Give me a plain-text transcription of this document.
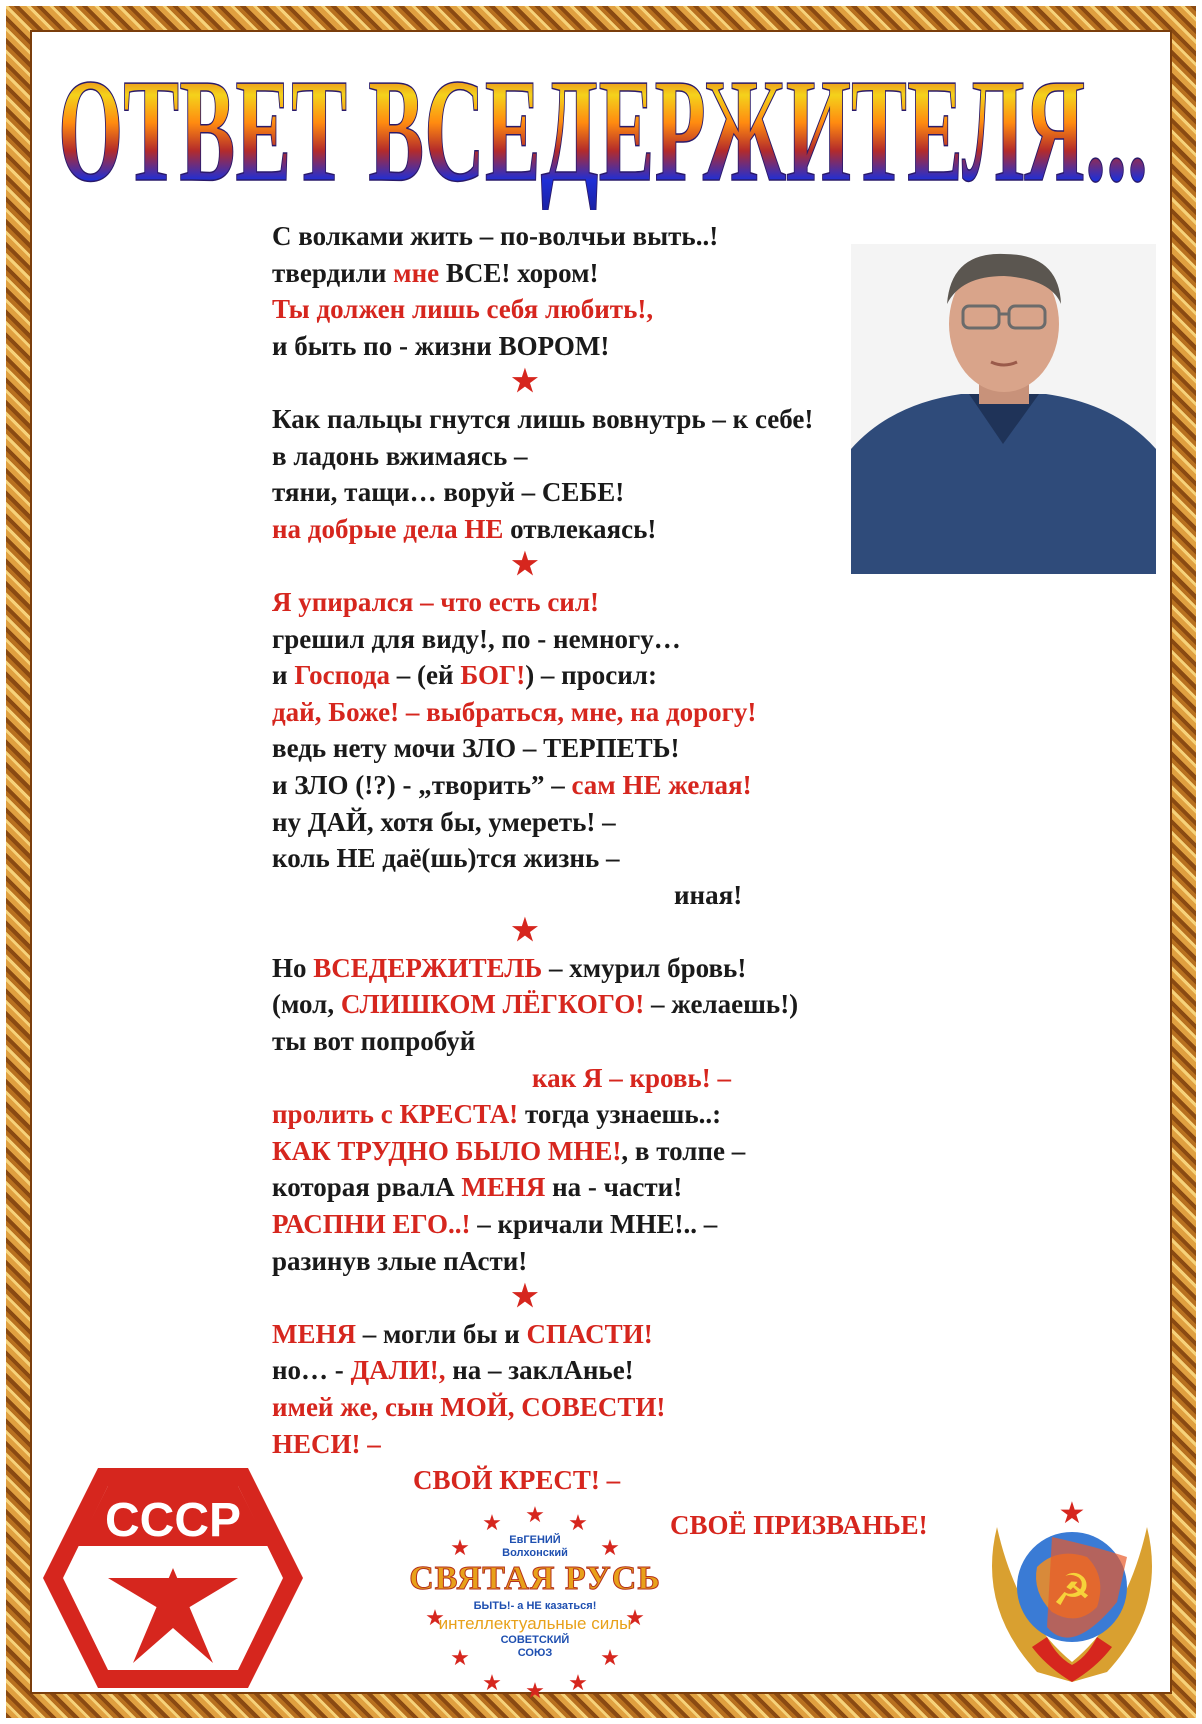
ОТВЕТ ВСЕДЕРЖИТЕЛЯ...
С волками жить – по-волчьи выть..!
твердили мне ВСЕ! хором!
Ты должен лишь себя любить!,
и быть по - жизни ВОРОМ!
★
Как пальцы гнутся лишь вовнутрь – к себе!
в ладонь вжимаясь –
тяни, тащи… воруй – СЕБЕ!
на добрые дела НЕ отвлекаясь!
★
Я упирался – что есть сил!
грешил для виду!, по - немногу…
и Господа – (ей БОГ!) – просил:
дай, Боже! – выбраться, мне, на дорогу!
ведь нету мочи ЗЛО – ТЕРПЕТЬ!
и ЗЛО (!?) - „творить” – сам НЕ желая!
ну ДАЙ, хотя бы, умереть! –
коль НЕ даё(шь)тся жизнь –
иная!
★
Но ВСЕДЕРЖИТЕЛЬ – хмурил бровь!
(мол, СЛИШКОМ ЛЁГКОГО! – желаешь!)
ты вот попробуй
как Я – кровь! –
пролить с КРЕСТА! тогда узнаешь..:
КАК ТРУДНО БЫЛО МНЕ!, в толпе –
которая рвалА МЕНЯ на - части!
РАСПНИ ЕГО..! – кричали МНЕ!.. –
разинув злые пАсти!
★
МЕНЯ – могли бы и СПАСТИ!
но… - ДАЛИ!, на – заклАнье!
имей же, сын МОЙ, СОВЕСТИ!
НЕСИ! –
СВОЙ КРЕСТ! –
СВОЁ ПРИЗВАНЬЕ!
СССР	★ ★ ★
★	★
★	★
★	★
★ ★ ★
ЕвГЕНИЙ
Волхонский
СВЯТАЯ РУСЬ
БЫТЬ!- а НЕ казаться!
интеллектуальные силы
СОВЕТСКИЙ
СОЮЗ
☭
★
